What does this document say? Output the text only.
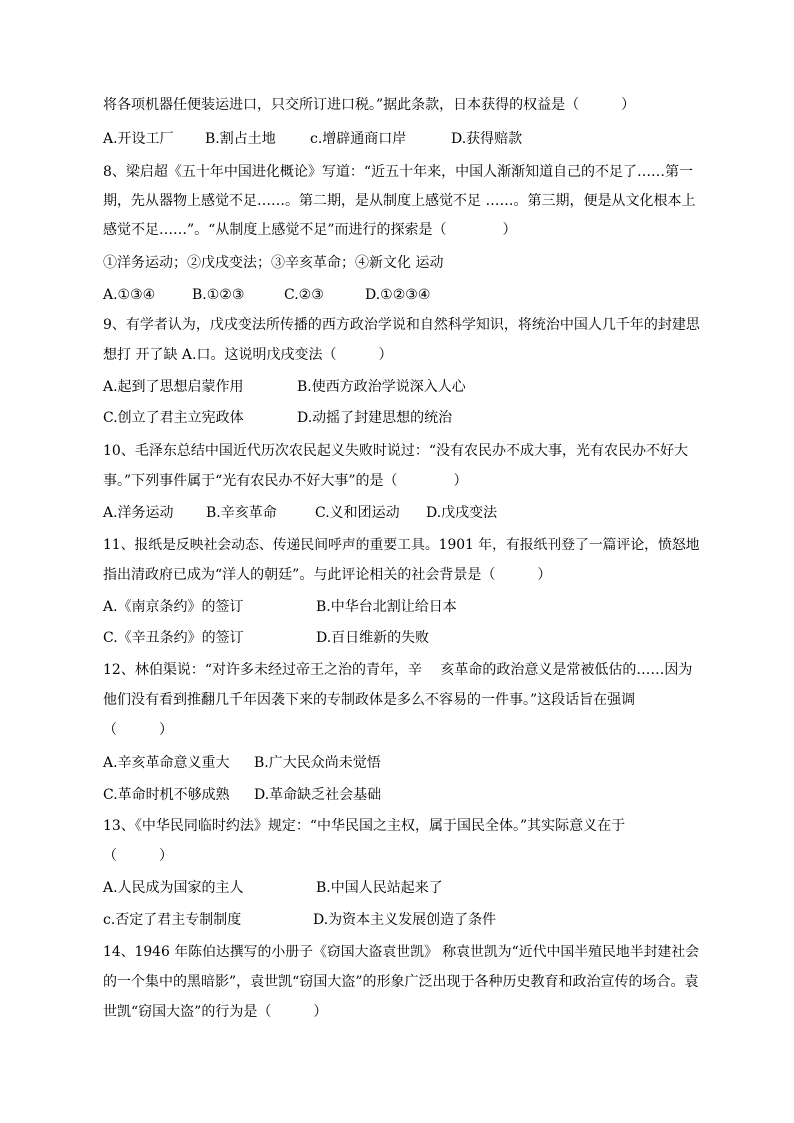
将各项机器任便装运进口，只交所订进口税。”据此条款，日本获得的权益是（　　　）

A.开设工厂

B.割占土地

c.增辟通商口岸

	D.获得赔款

8、梁启超《五十年中国进化概论》写道：“近五十年来，中国人渐渐知道自己的不足了……第一
期，先从器物上感觉不足……。第二期，是从制度上感觉不足 ……。第三期，便是从文化根本上
感觉不足……”。“从制度上感觉不足”而进行的探索是（　　　　）
①洋务运动；②戊戌变法；③辛亥革命；④新文化 运动

A.①③④

	B.①②③

	C.②③

	D.①②③④

9、有学者认为，戊戌变法所传播的西方政治学说和自然科学知识，将统治中国人几千年的封建思
想打 开了缺 A.口。这说明戊戌变法（　　　）

A.起到了思想启蒙作用

	B.使西方政治学说深入人心

C.创立了君主立宪政体

	D.动摇了封建思想的统治

10、毛泽东总结中国近代历次农民起义失败时说过：“没有农民办不成大事，光有农民办不好大
事。”下列事件属于“光有农民办不好大事”的是（　　　　）

A.洋务运动

B.辛亥革命

	C.义和团运动

D.戊戌变法

11、报纸是反映社会动态、传递民间呼声的重要工具。1901 年，有报纸刊登了一篇评论，愤怒地
指出清政府已成为“洋人的朝廷”。与此评论相关的社会背景是（　　　）

A.《南京条约》的签订

	B.中华台北割让给日本

C.《辛丑条约》的签订

	D.百日维新的失败

12、林伯渠说：“对许多未经过帝王之治的青年，辛　 亥革命的政治意义是常被低估的……因为
他们没有看到推翻几千年因袭下来的专制政体是多么不容易的一件事。”这段话旨在强调
（　　　）

A.辛亥革命意义重大

B.广大民众尚未觉悟

C.革命时机不够成熟

D.革命缺乏社会基础

13、《中华民同临时约法》规定：“中华民国之主权，属于国民全体。”其实际意义在于
（　　　）

A.人民成为国家的主人

	B.中国人民站起来了

c.否定了君主专制制度

	D.为资本主义发展创造了条件

14、1946 年陈伯达撰写的小册子《窃国大盗袁世凯》 称袁世凯为“近代中国半殖民地半封建社会
的一个集中的黑暗影”，袁世凯“窃国大盗”的形象广泛出现于各种历史教育和政治宣传的场合。袁
世凯“窃国大盗”的行为是（　　　）
